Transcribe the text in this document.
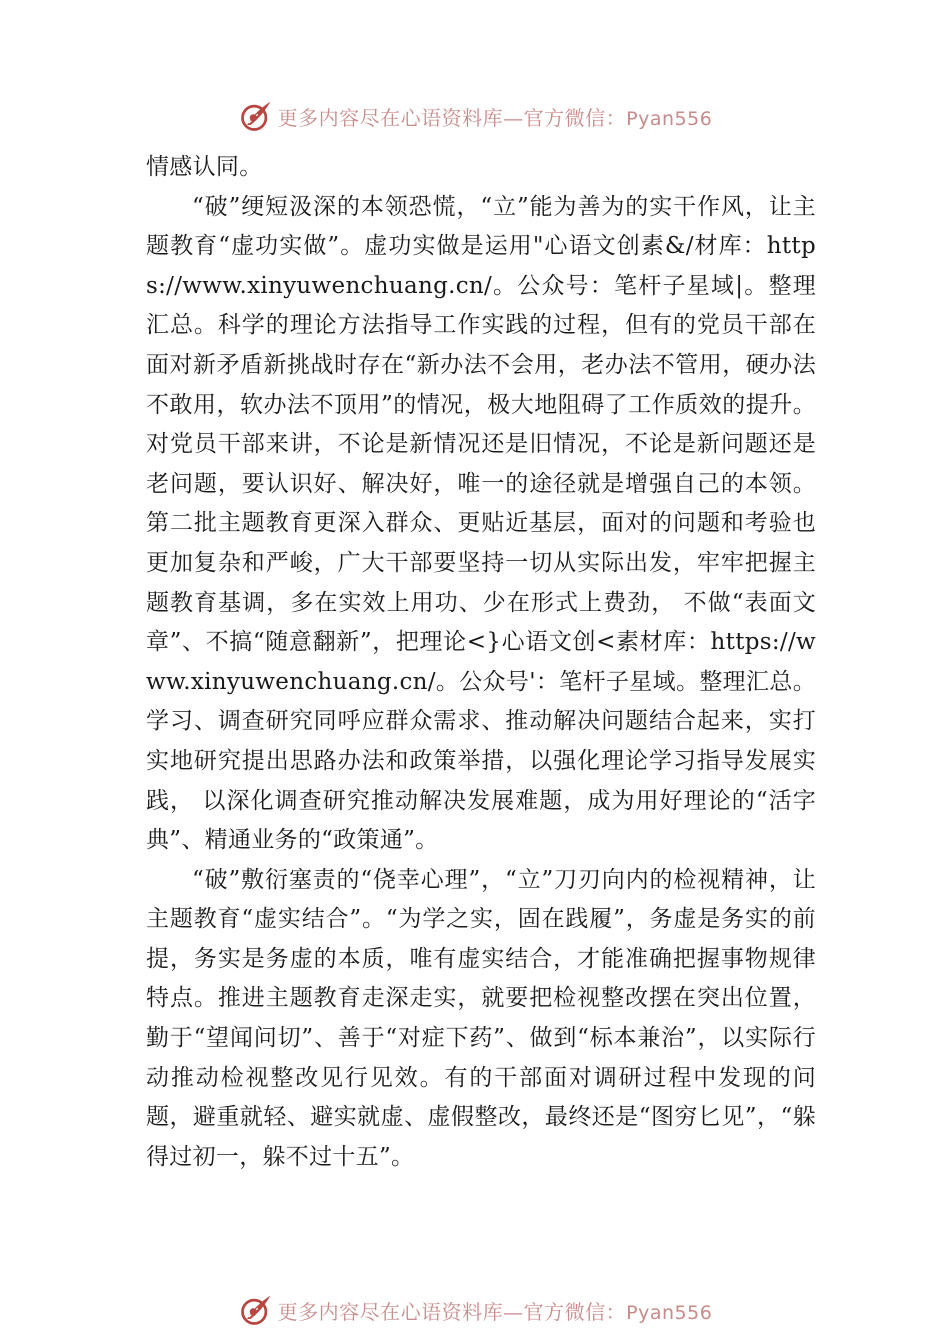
更多内容尽在心语资料库—官方微信：Pyan556

情感认同。

“破”绠短汲深的本领恐慌，“立”能为善为的实干作风，让主题教育“虚功实做”。虚功实做是运用"心语文创素&/材库：https://www.xinyuwenchuang.cn/。公众号：笔杆子星域|。整理汇总。科学的理论方法指导工作实践的过程，但有的党员干部在面对新矛盾新挑战时存在“新办法不会用，老办法不管用，硬办法不敢用，软办法不顶用”的情况，极大地阻碍了工作质效的提升。对党员干部来讲，不论是新情况还是旧情况，不论是新问题还是老问题，要认识好、解决好，唯一的途径就是增强自己的本领。第二批主题教育更深入群众、更贴近基层，面对的问题和考验也更加复杂和严峻，广大干部要坚持一切从实际出发，牢牢把握主题教育基调，多在实效上用功、少在形式上费劲， 不做“表面文章”、不搞“随意翻新”，把理论<}心语文创<素材库：https://www.xinyuwenchuang.cn/。公众号'：笔杆子星域。整理汇总。学习、调查研究同呼应群众需求、推动解决问题结合起来，实打实地研究提出思路办法和政策举措，以强化理论学习指导发展实践， 以深化调查研究推动解决发展难题，成为用好理论的“活字典”、精通业务的“政策通”。

“破”敷衍塞责的“侥幸心理”，“立”刀刃向内的检视精神，让主题教育“虚实结合”。“为学之实，固在践履”，务虚是务实的前提，务实是务虚的本质，唯有虚实结合，才能准确把握事物规律特点。推进主题教育走深走实，就要把检视整改摆在突出位置，勤于“望闻问切”、善于“对症下药”、做到“标本兼治”，以实际行动推动检视整改见行见效。有的干部面对调研过程中发现的问题，避重就轻、避实就虚、虚假整改，最终还是“图穷匕见”，“躲得过初一，躲不过十五”。

更多内容尽在心语资料库—官方微信：Pyan556
